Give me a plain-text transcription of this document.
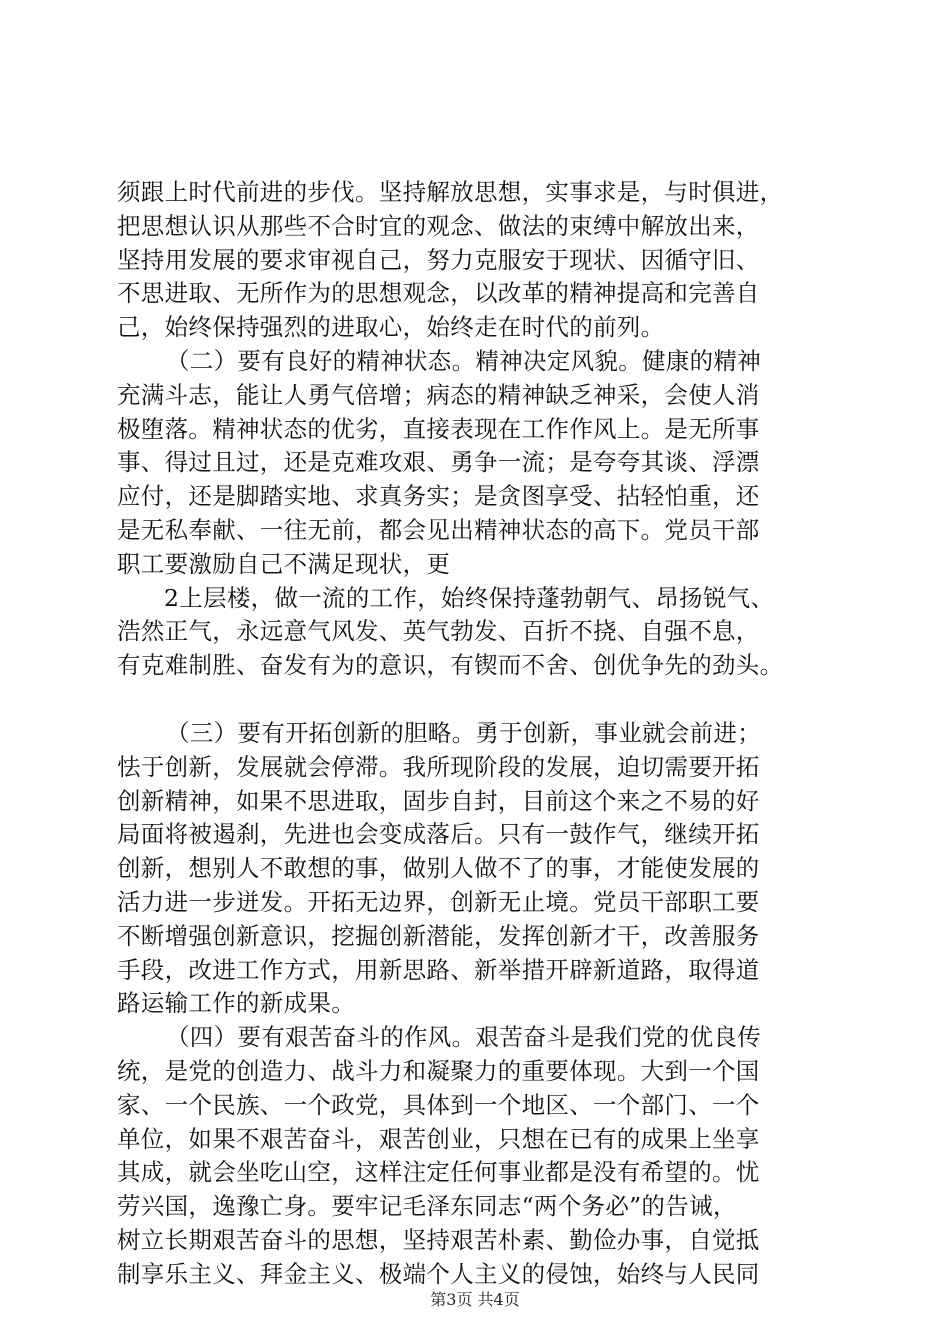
须跟上时代前进的步伐。坚持解放思想，实事求是，与时俱进，
把思想认识从那些不合时宜的观念、做法的束缚中解放出来，
坚持用发展的要求审视自己，努力克服安于现状、因循守旧、
不思进取、无所作为的思想观念，以改革的精神提高和完善自
己，始终保持强烈的进取心，始终走在时代的前列。
（二）要有良好的精神状态。精神决定风貌。健康的精神
充满斗志，能让人勇气倍增；病态的精神缺乏神采，会使人消
极堕落。精神状态的优劣，直接表现在工作作风上。是无所事
事、得过且过，还是克难攻艰、勇争一流；是夸夸其谈、浮漂
应付，还是脚踏实地、求真务实；是贪图享受、拈轻怕重，还
是无私奉献、一往无前，都会见出精神状态的高下。党员干部
职工要激励自己不满足现状，更
2上层楼，做一流的工作，始终保持蓬勃朝气、昂扬锐气、
浩然正气，永远意气风发、英气勃发、百折不挠、自强不息，
有克难制胜、奋发有为的意识，有锲而不舍、创优争先的劲头。
（三）要有开拓创新的胆略。勇于创新，事业就会前进；
怯于创新，发展就会停滞。我所现阶段的发展，迫切需要开拓
创新精神，如果不思进取，固步自封，目前这个来之不易的好
局面将被遏刹，先进也会变成落后。只有一鼓作气，继续开拓
创新，想别人不敢想的事，做别人做不了的事，才能使发展的
活力进一步迸发。开拓无边界，创新无止境。党员干部职工要
不断增强创新意识，挖掘创新潜能，发挥创新才干，改善服务
手段，改进工作方式，用新思路、新举措开辟新道路，取得道
路运输工作的新成果。
（四）要有艰苦奋斗的作风。艰苦奋斗是我们党的优良传
统，是党的创造力、战斗力和凝聚力的重要体现。大到一个国
家、一个民族、一个政党，具体到一个地区、一个部门、一个
单位，如果不艰苦奋斗，艰苦创业，只想在已有的成果上坐享
其成，就会坐吃山空，这样注定任何事业都是没有希望的。忧
劳兴国，逸豫亡身。要牢记毛泽东同志“两个务必”的告诫，
树立长期艰苦奋斗的思想，坚持艰苦朴素、勤俭办事，自觉抵
制享乐主义、拜金主义、极端个人主义的侵蚀，始终与人民同
第3页 共4页
